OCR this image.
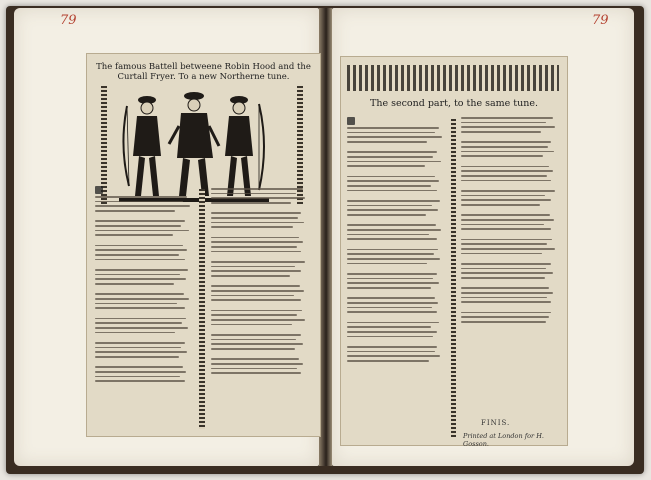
79	79
The famous Battell betweene Robin Hood and the Curtall Fryer. To a new Northerne tune.
The second part, to the same tune.
FINIS.
Printed at London for H. Gosson.
